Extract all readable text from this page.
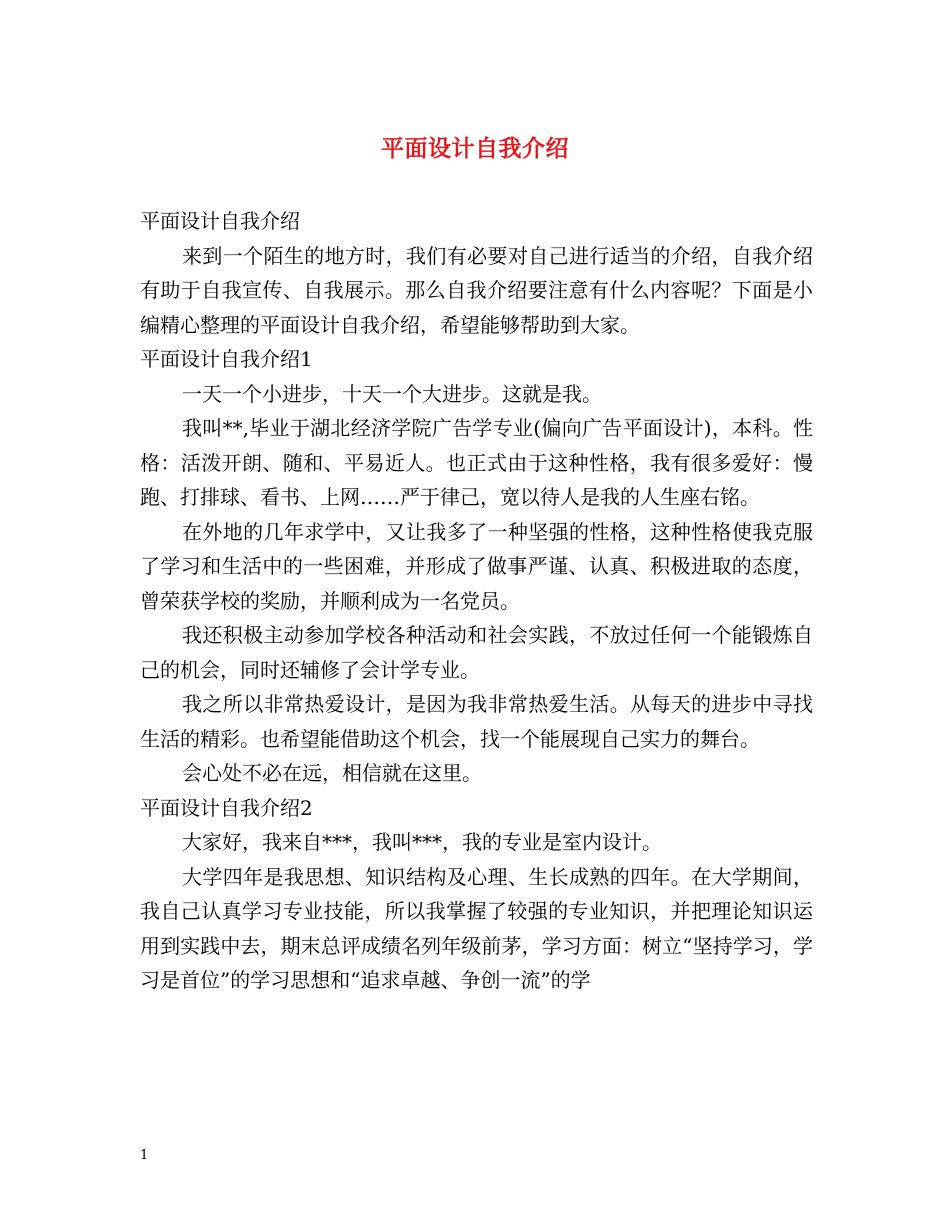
平面设计自我介绍

平面设计自我介绍

来到一个陌生的地方时，我们有必要对自己进行适当的介绍，自我介绍有助于自我宣传、自我展示。那么自我介绍要注意有什么内容呢？下面是小编精心整理的平面设计自我介绍，希望能够帮助到大家。

平面设计自我介绍1

一天一个小进步，十天一个大进步。这就是我。

我叫**,毕业于湖北经济学院广告学专业(偏向广告平面设计)，本科。性格：活泼开朗、随和、平易近人。也正式由于这种性格，我有很多爱好：慢跑、打排球、看书、上网……严于律己，宽以待人是我的人生座右铭。

在外地的几年求学中，又让我多了一种坚强的性格，这种性格使我克服了学习和生活中的一些困难，并形成了做事严谨、认真、积极进取的态度，曾荣获学校的奖励，并顺利成为一名党员。

我还积极主动参加学校各种活动和社会实践，不放过任何一个能锻炼自己的机会，同时还辅修了会计学专业。

我之所以非常热爱设计，是因为我非常热爱生活。从每天的进步中寻找生活的精彩。也希望能借助这个机会，找一个能展现自己实力的舞台。

会心处不必在远，相信就在这里。

平面设计自我介绍2

大家好，我来自***，我叫***，我的专业是室内设计。

大学四年是我思想、知识结构及心理、生长成熟的四年。在大学期间，我自己认真学习专业技能，所以我掌握了较强的专业知识，并把理论知识运用到实践中去，期末总评成绩名列年级前茅，学习方面：树立“坚持学习，学习是首位”的学习思想和“追求卓越、争创一流”的学

1
